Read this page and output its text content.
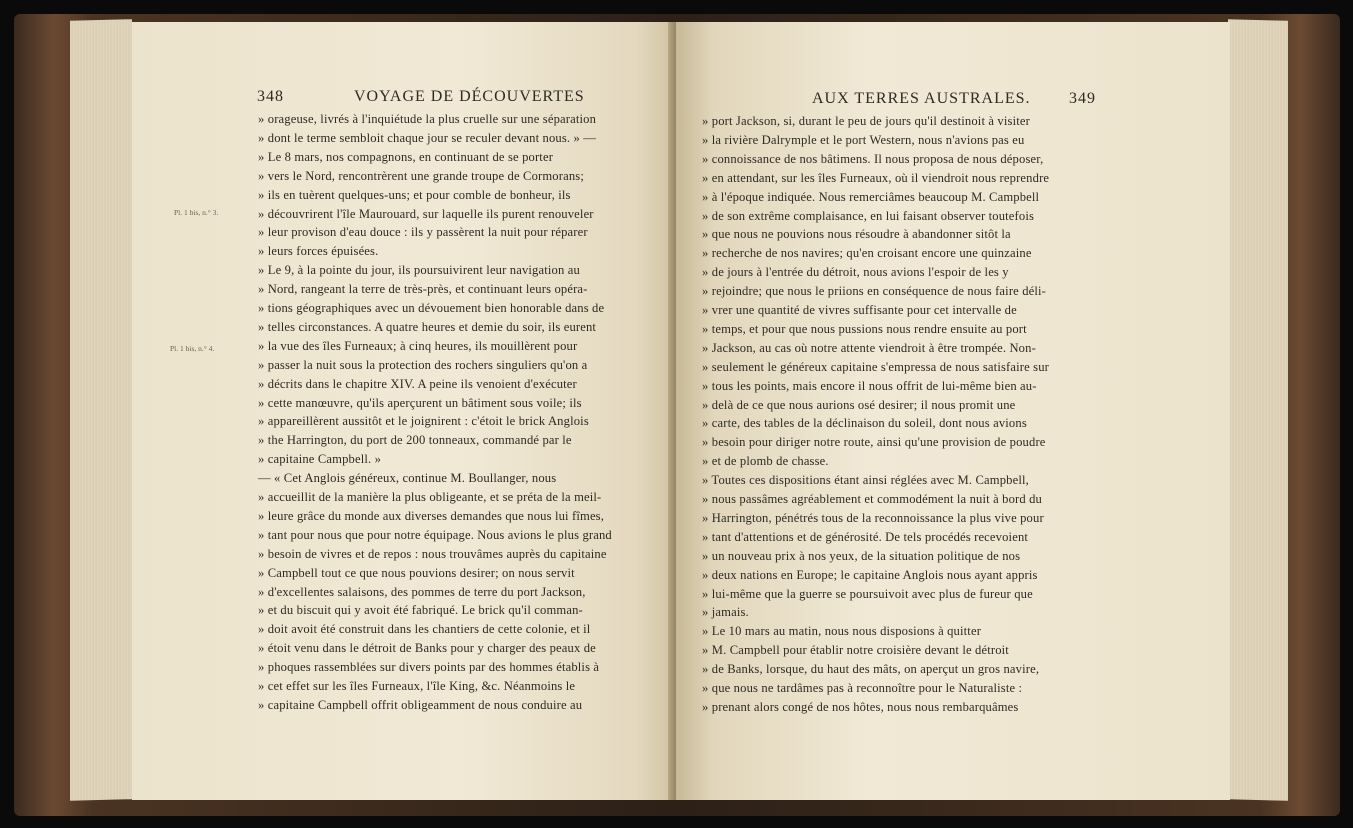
348	VOYAGE DE DÉCOUVERTES
» orageuse, livrés à l'inquiétude la plus cruelle sur une séparation
» dont le terme sembloit chaque jour se reculer devant nous. » —
» Le 8 mars, nos compagnons, en continuant de se porter
» vers le Nord, rencontrèrent une grande troupe de Cormorans;
» ils en tuèrent quelques-uns; et pour comble de bonheur, ils
» découvrirent l'île Maurouard, sur laquelle ils purent renouveler
» leur provison d'eau douce : ils y passèrent la nuit pour réparer
» leurs forces épuisées.
» Le 9, à la pointe du jour, ils poursuivirent leur navigation au
» Nord, rangeant la terre de très-près, et continuant leurs opéra-
» tions géographiques avec un dévouement bien honorable dans de
» telles circonstances. A quatre heures et demie du soir, ils eurent
» la vue des îles Furneaux; à cinq heures, ils mouillèrent pour
» passer la nuit sous la protection des rochers singuliers qu'on a
» décrits dans le chapitre XIV. A peine ils venoient d'exécuter
» cette manœuvre, qu'ils aperçurent un bâtiment sous voile; ils
» appareillèrent aussitôt et le joignirent : c'étoit le brick Anglois
» the Harrington, du port de 200 tonneaux, commandé par le
» capitaine Campbell. »
— « Cet Anglois généreux, continue M. Boullanger, nous
» accueillit de la manière la plus obligeante, et se préta de la meil-
» leure grâce du monde aux diverses demandes que nous lui fîmes,
» tant pour nous que pour notre équipage. Nous avions le plus grand
» besoin de vivres et de repos : nous trouvâmes auprès du capitaine
» Campbell tout ce que nous pouvions desirer; on nous servit
» d'excellentes salaisons, des pommes de terre du port Jackson,
» et du biscuit qui y avoit été fabriqué. Le brick qu'il comman-
» doit avoit été construit dans les chantiers de cette colonie, et il
» étoit venu dans le détroit de Banks pour y charger des peaux de
» phoques rassemblées sur divers points par des hommes établis à
» cet effet sur les îles Furneaux, l'île King, &c. Néanmoins le
» capitaine Campbell offrit obligeamment de nous conduire au
Pl. 1 bis, n.° 3.
Pl. 1 bis, n.° 4.
AUX TERRES AUSTRALES. 349
» port Jackson, si, durant le peu de jours qu'il destinoit à visiter
» la rivière Dalrymple et le port Western, nous n'avions pas eu
» connoissance de nos bâtimens. Il nous proposa de nous déposer,
» en attendant, sur les îles Furneaux, où il viendroit nous reprendre
» à l'époque indiquée. Nous remerciâmes beaucoup M. Campbell
» de son extrême complaisance, en lui faisant observer toutefois
» que nous ne pouvions nous résoudre à abandonner sitôt la
» recherche de nos navires; qu'en croisant encore une quinzaine
» de jours à l'entrée du détroit, nous avions l'espoir de les y
» rejoindre; que nous le priions en conséquence de nous faire déli-
» vrer une quantité de vivres suffisante pour cet intervalle de
» temps, et pour que nous pussions nous rendre ensuite au port
» Jackson, au cas où notre attente viendroit à être trompée. Non-
» seulement le généreux capitaine s'empressa de nous satisfaire sur
» tous les points, mais encore il nous offrit de lui-même bien au-
» delà de ce que nous aurions osé desirer; il nous promit une
» carte, des tables de la déclinaison du soleil, dont nous avions
» besoin pour diriger notre route, ainsi qu'une provision de poudre
» et de plomb de chasse.
» Toutes ces dispositions étant ainsi réglées avec M. Campbell,
» nous passâmes agréablement et commodément la nuit à bord du
» Harrington, pénétrés tous de la reconnoissance la plus vive pour
» tant d'attentions et de générosité. De tels procédés recevoient
» un nouveau prix à nos yeux, de la situation politique de nos
» deux nations en Europe; le capitaine Anglois nous ayant appris
» lui-même que la guerre se poursuivoit avec plus de fureur que
» jamais.
» Le 10 mars au matin, nous nous disposions à quitter
» M. Campbell pour établir notre croisière devant le détroit
» de Banks, lorsque, du haut des mâts, on aperçut un gros navire,
» que nous ne tardâmes pas à reconnoître pour le Naturaliste :
» prenant alors congé de nos hôtes, nous nous rembarquâmes
